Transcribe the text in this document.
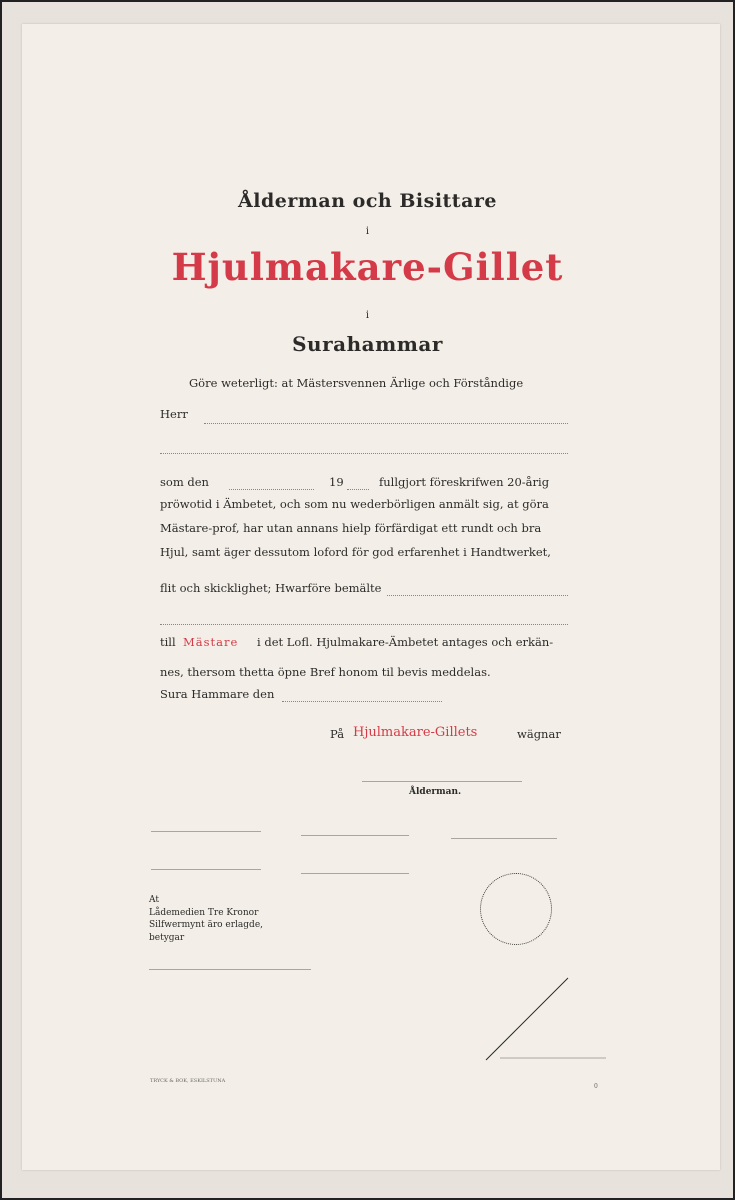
Ålderman och Bisittare
i
Hjulmakare-Gillet
i
Surahammar
Göre weterligt: at Mästersvennen Ärlige och Förståndige
Herr
som den	19	fullgjort föreskrifwen 20-årig
pröwotid i Ämbetet, och som nu wederbörligen anmält sig, at göra
Mästare-prof, har utan annans hielp förfärdigat ett rundt och bra
Hjul, samt äger dessutom loford för god erfarenhet i Handtwerket,
flit och skicklighet; Hwarföre bemälte
till Mästare i det Lofl. Hjulmakare-Ämbetet antages och erkän-
nes, thersom thetta öpne Bref honom til bevis meddelas.
Sura Hammare den
På Hjulmakare-Gillets	wägnar
Ålderman.
At
Lådemedien Tre Kronor
Silfwermynt äro erlagde,
betygar
TRYCK & BOK, ESKILSTUNA
0
